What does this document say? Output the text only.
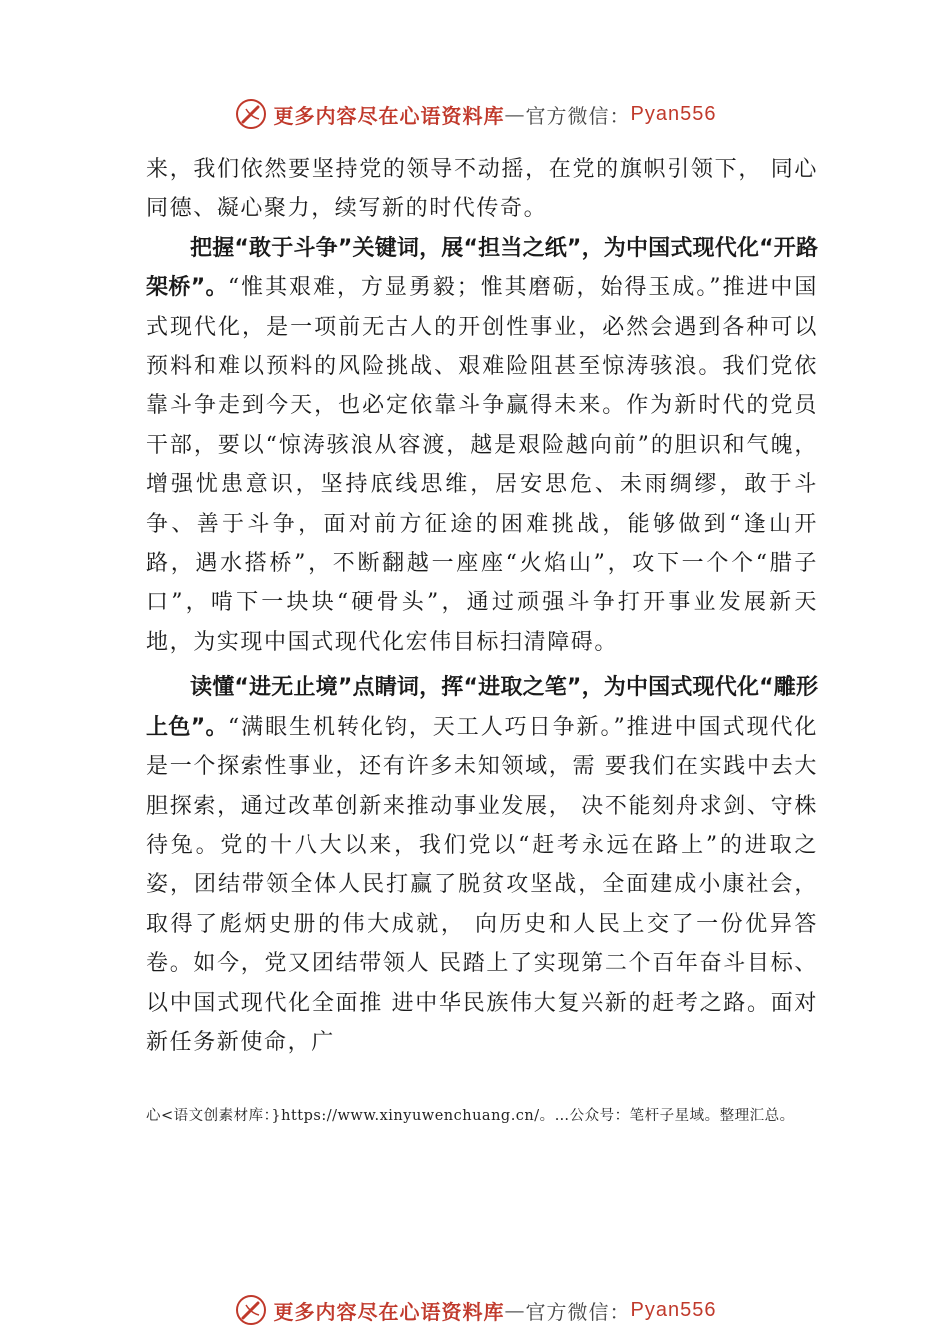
更多内容尽在心语资料库 — 官方微信： Pyan556

来，我们依然要坚持党的领导不动摇，在党的旗帜引领下， 同心同德、凝心聚力，续写新的时代传奇。

把握“敢于斗争”关键词，展“担当之纸”，为中国式现代化“开路架桥”。“惟其艰难，方显勇毅；惟其磨砺，始得玉成。”推进中国式现代化，是一项前无古人的开创性事业，必然会遇到各种可以预料和难以预料的风险挑战、艰难险阻甚至惊涛骇浪。我们党依靠斗争走到今天，也必定依靠斗争赢得未来。作为新时代的党员干部，要以“惊涛骇浪从容渡，越是艰险越向前”的胆识和气魄，增强忧患意识，坚持底线思维，居安思危、未雨绸缪，敢于斗争、善于斗争，面对前方征途的困难挑战，能够做到“逢山开路，遇水搭桥”，不断翻越一座座“火焰山”，攻下一个个“腊子口”，啃下一块块“硬骨头”，通过顽强斗争打开事业发展新天地，为实现中国式现代化宏伟目标扫清障碍。

读懂“进无止境”点睛词，挥“进取之笔”，为中国式现代化“雕形上色”。“满眼生机转化钧，天工人巧日争新。”推进中国式现代化是一个探索性事业，还有许多未知领域，需 要我们在实践中去大胆探索，通过改革创新来推动事业发展， 决不能刻舟求剑、守株待兔。党的十八大以来，我们党以“赶考永远在路上”的进取之姿，团结带领全体人民打赢了脱贫攻坚战，全面建成小康社会，取得了彪炳史册的伟大成就， 向历史和人民上交了一份优异答卷。如今，党又团结带领人 民踏上了实现第二个百年奋斗目标、以中国式现代化全面推 进中华民族伟大复兴新的赶考之路。面对新任务新使命，广

心<语文创素材库：}https://www.xinyuwenchuang.cn/。…公众号：笔杆子星域。整理汇总。
更多内容尽在心语资料库 — 官方微信： Pyan556
